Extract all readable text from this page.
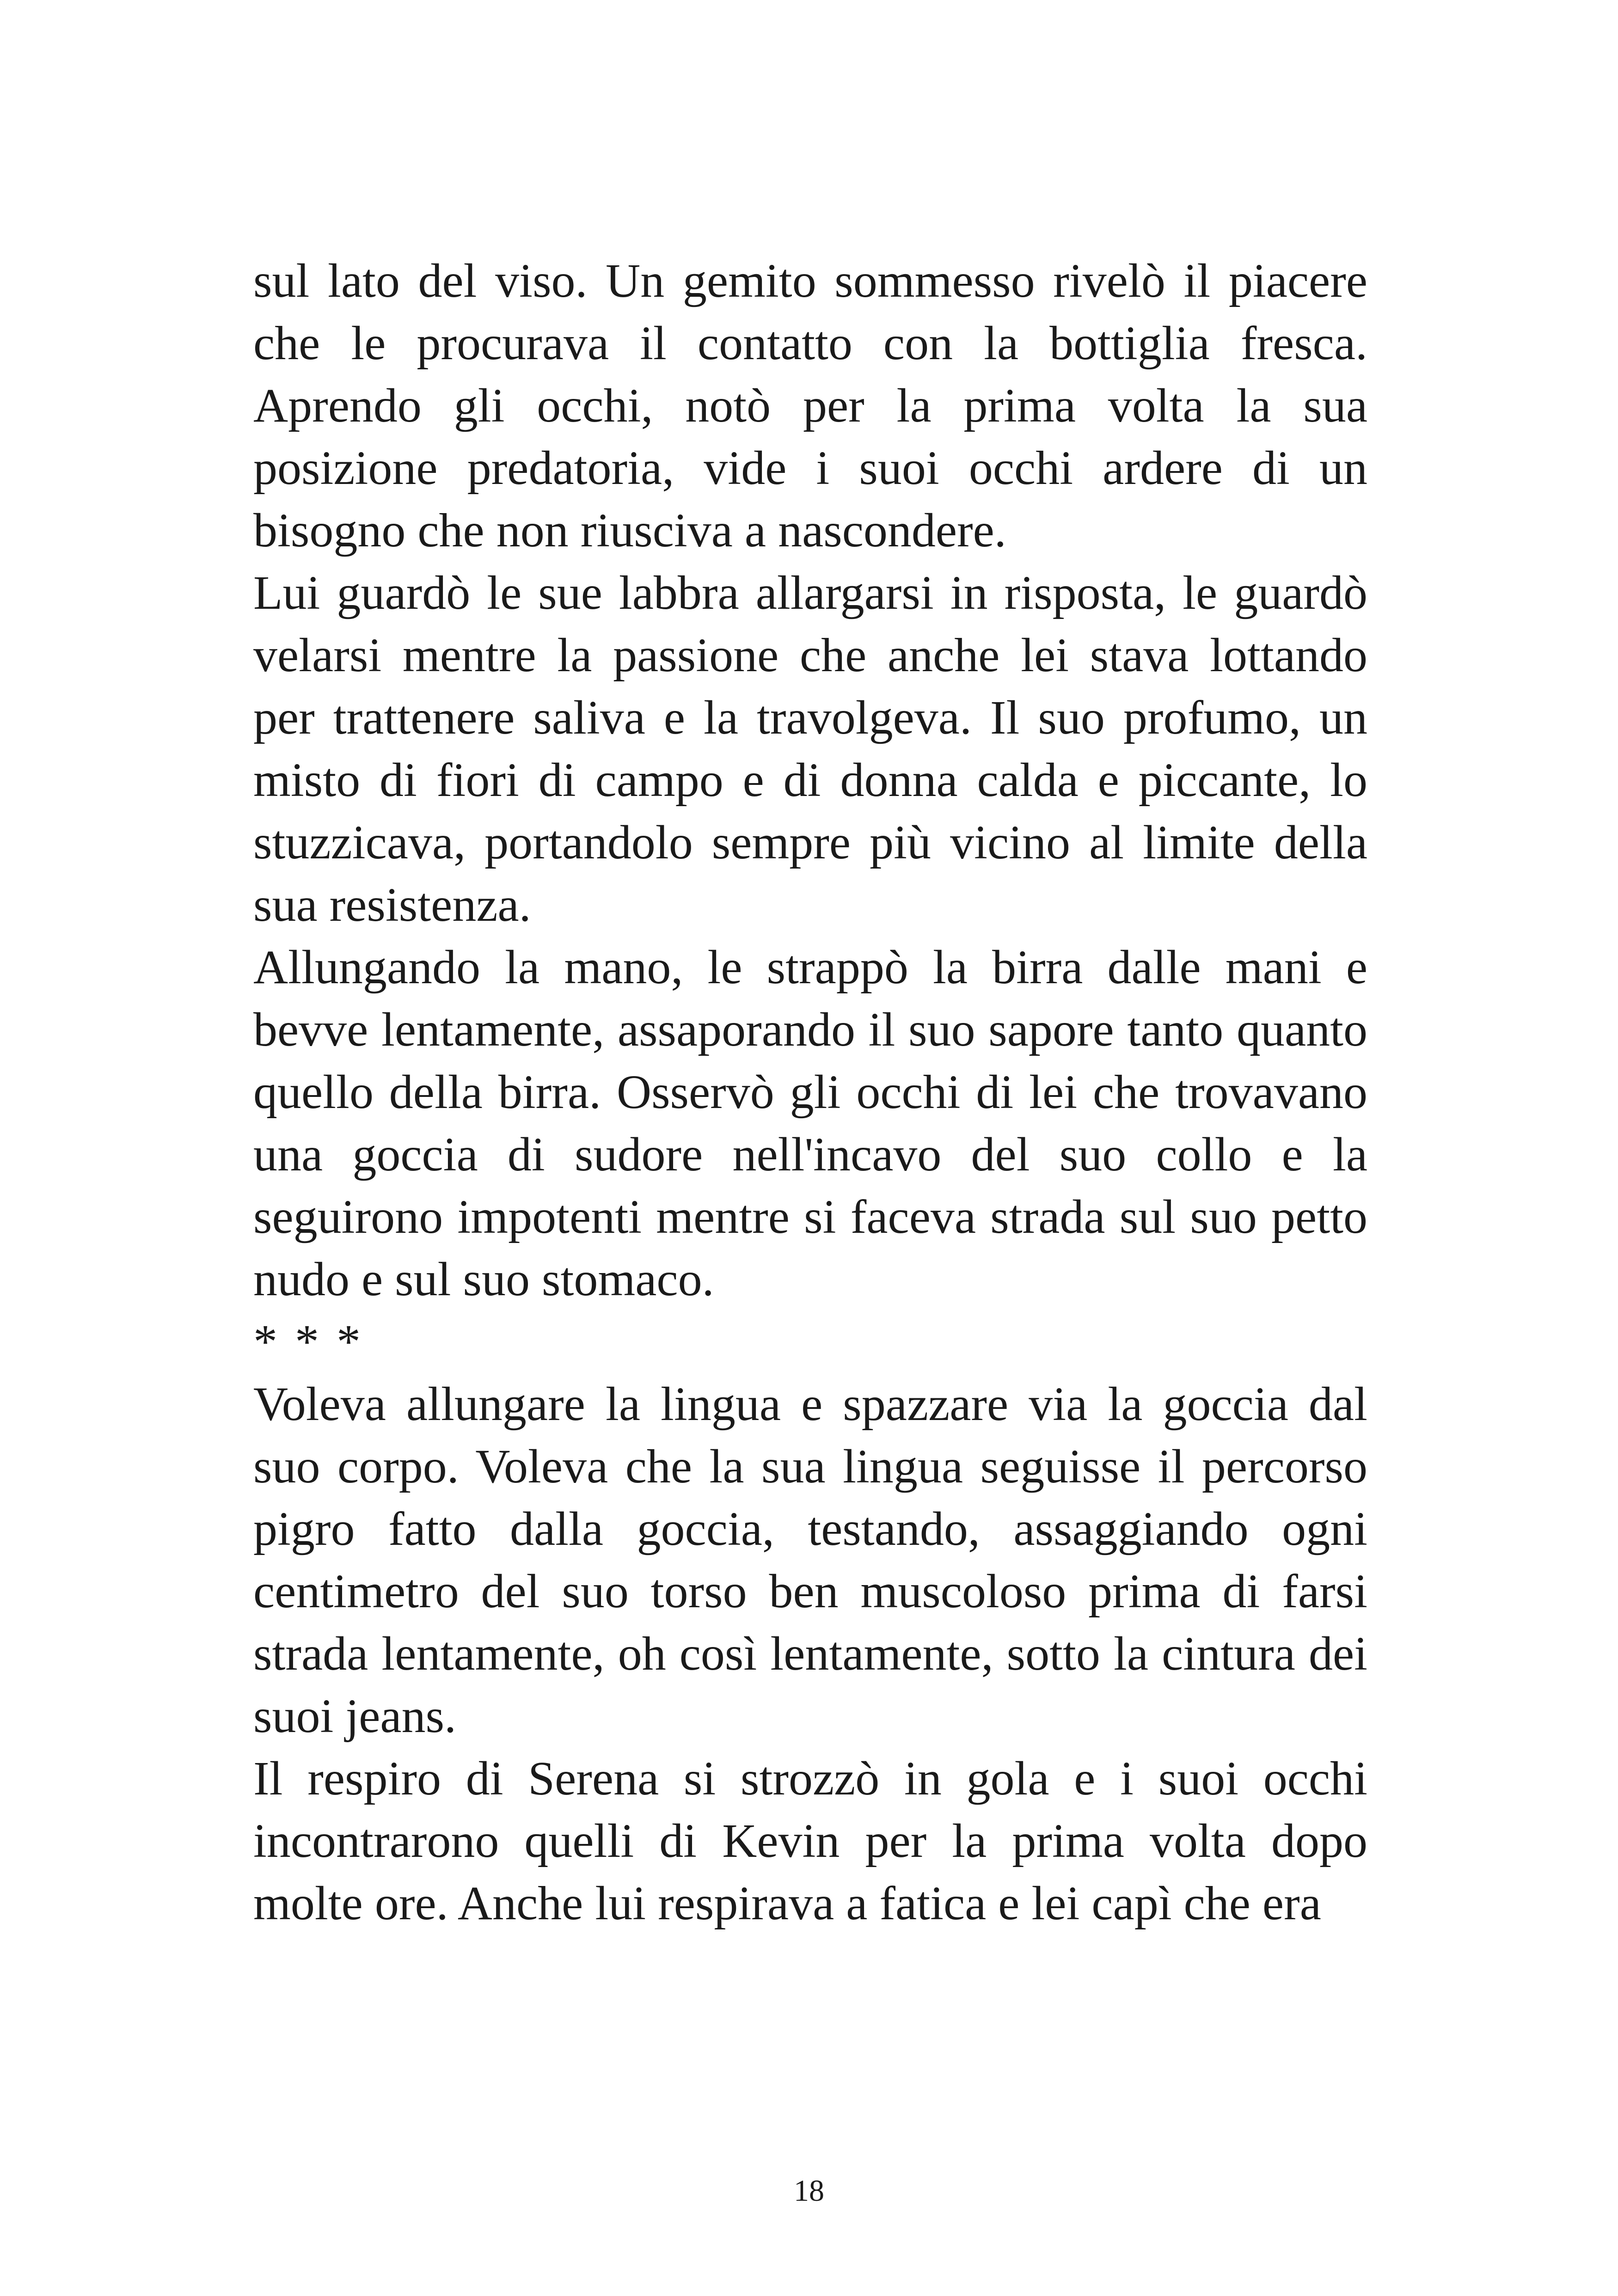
sul lato del viso. Un gemito sommesso rivelò il piacere che le procurava il contatto con la bottiglia fresca. Aprendo gli occhi, notò per la prima volta la sua posizione predatoria, vide i suoi occhi ardere di un bisogno che non riusciva a nascondere.

Lui guardò le sue labbra allargarsi in risposta, le guardò velarsi mentre la passione che anche lei stava lottando per trattenere saliva e la travolgeva. Il suo profumo, un misto di fiori di campo e di donna calda e piccante, lo stuzzicava, portandolo sempre più vicino al limite della sua resistenza.

Allungando la mano, le strappò la birra dalle mani e bevve lentamente, assaporando il suo sapore tanto quanto quello della birra. Osservò gli occhi di lei che trovavano una goccia di sudore nell'incavo del suo collo e la seguirono impotenti mentre si faceva strada sul suo petto nudo e sul suo stomaco.

* * *

Voleva allungare la lingua e spazzare via la goccia dal suo corpo. Voleva che la sua lingua seguisse il percorso pigro fatto dalla goccia, testando, assaggiando ogni centimetro del suo torso ben muscoloso prima di farsi strada lentamente, oh così lentamente, sotto la cintura dei suoi jeans.

Il respiro di Serena si strozzò in gola e i suoi occhi incontrarono quelli di Kevin per la prima volta dopo molte ore. Anche lui respirava a fatica e lei capì che era

18
